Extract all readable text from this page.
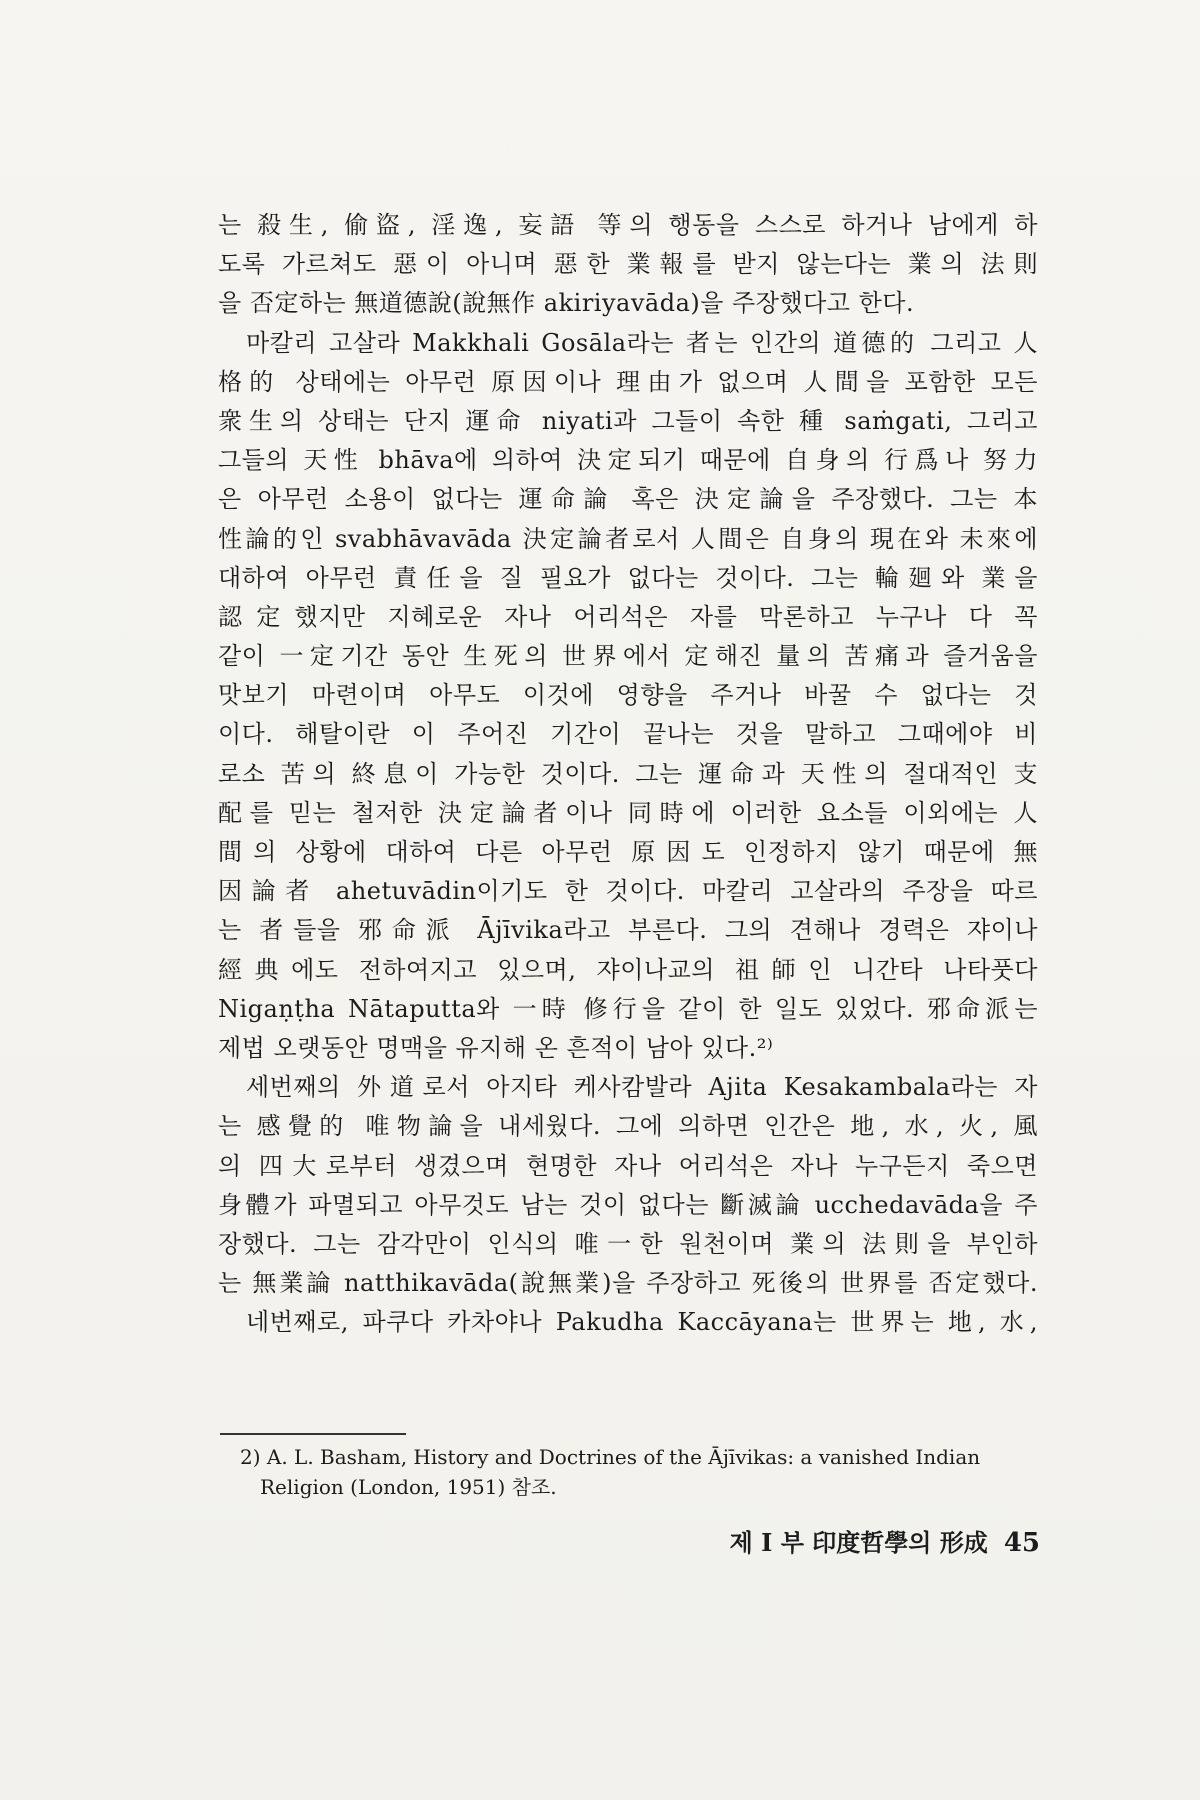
는 殺生, 偷盜, 淫逸, 妄語 等의 행동을 스스로 하거나 남에게 하
도록 가르쳐도 惡이 아니며 惡한 業報를 받지 않는다는 業의 法則
을 否定하는 無道德說(說無作 akiriyavāda)을 주장했다고 한다.
마칼리 고살라 Makkhali Gosāla라는 者는 인간의 道德的 그리고 人
格的 상태에는 아무런 原因이나 理由가 없으며 人間을 포함한 모든
衆生의 상태는 단지 運命 niyati과 그들이 속한 種 saṁgati, 그리고
그들의 天性 bhāva에 의하여 決定되기 때문에 自身의 行爲나 努力
은 아무런 소용이 없다는 運命論 혹은 決定論을 주장했다. 그는 本
性論的인 svabhāvavāda 決定論者로서 人間은 自身의 現在와 未來에
대하여 아무런 責任을 질 필요가 없다는 것이다. 그는 輪廻와 業을
認定했지만 지혜로운 자나 어리석은 자를 막론하고 누구나 다 꼭
같이 一定기간 동안 生死의 世界에서 定해진 量의 苦痛과 즐거움을
맛보기 마련이며 아무도 이것에 영향을 주거나 바꿀 수 없다는 것
이다. 해탈이란 이 주어진 기간이 끝나는 것을 말하고 그때에야 비
로소 苦의 終息이 가능한 것이다. 그는 運命과 天性의 절대적인 支
配를 믿는 철저한 決定論者이나 同時에 이러한 요소들 이외에는 人
間의 상황에 대하여 다른 아무런 原因도 인정하지 않기 때문에 無
因論者 ahetuvādin이기도 한 것이다. 마칼리 고살라의 주장을 따르
는 者들을 邪命派 Ājīvika라고 부른다. 그의 견해나 경력은 쟈이나
經典에도 전하여지고 있으며, 쟈이나교의 祖師인 니간타 나타풋다
Nigaṇṭha Nātaputta와 一時 修行을 같이 한 일도 있었다. 邪命派는
제법 오랫동안 명맥을 유지해 온 흔적이 남아 있다.²⁾
세번째의 外道로서 아지타 케사캄발라 Ajita Kesakambala라는 자
는 感覺的 唯物論을 내세웠다. 그에 의하면 인간은 地, 水, 火, 風
의 四大로부터 생겼으며 현명한 자나 어리석은 자나 누구든지 죽으면
身體가 파멸되고 아무것도 남는 것이 없다는 斷滅論 ucchedavāda을 주
장했다. 그는 감각만이 인식의 唯一한 원천이며 業의 法則을 부인하
는 無業論 natthikavāda(說無業)을 주장하고 死後의 世界를 否定했다.
네번째로, 파쿠다 카차야나 Pakudha Kaccāyana는 世界는 地, 水,
2) A. L. Basham, History and Doctrines of the Ājīvikas: a vanished Indian
Religion (London, 1951) 참조.
제 I 부 印度哲學의 形成 45
